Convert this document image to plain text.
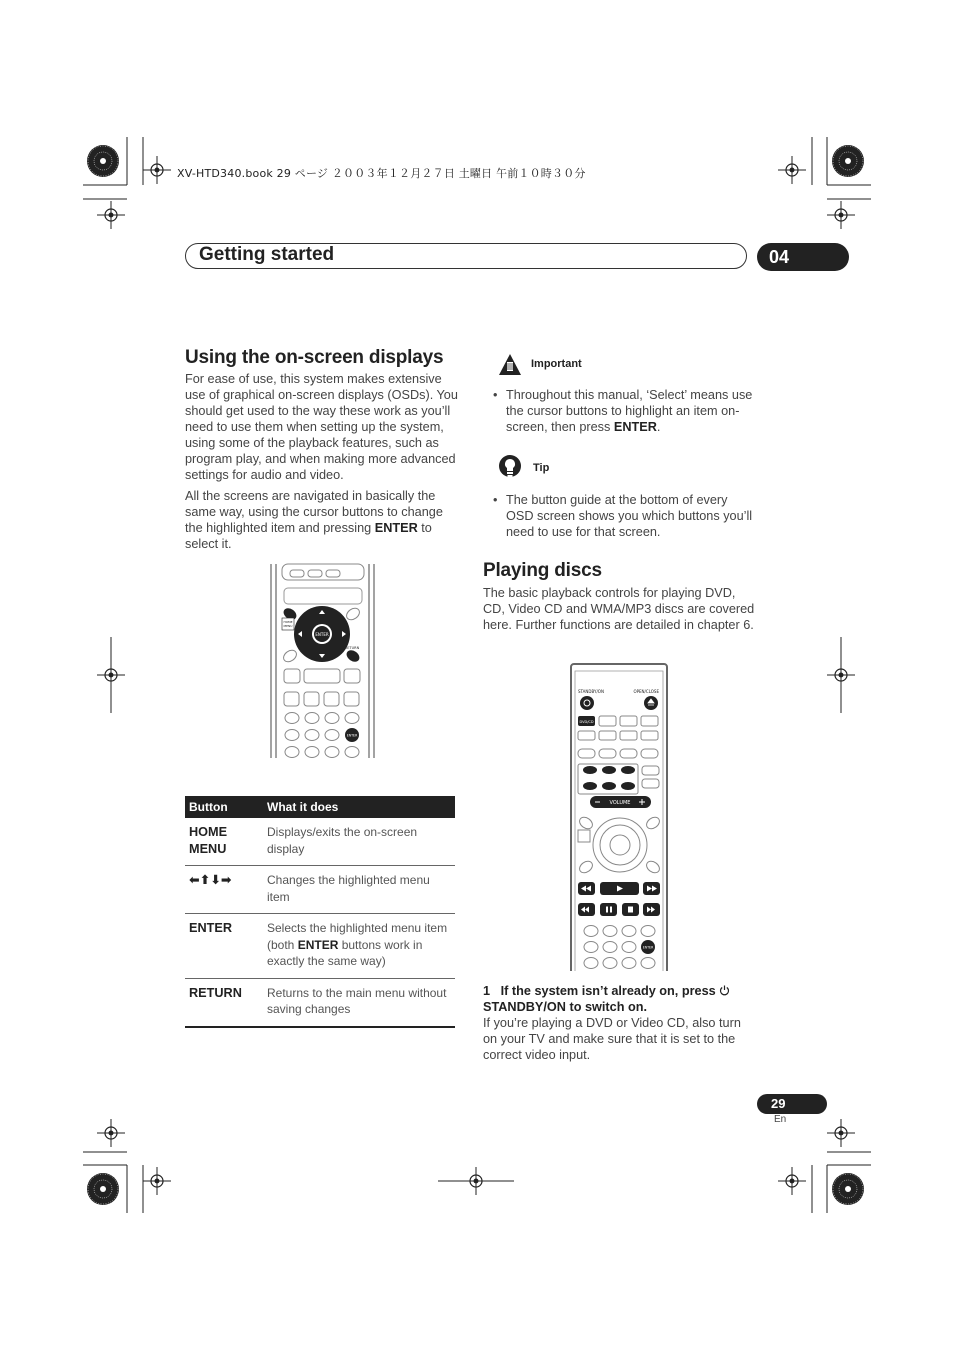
XV-HTD340.book 29 ページ ２００３年１２月２７日 土曜日 午前１０時３０分
Getting started	04
Using the on-screen displays

For ease of use, this system makes extensive use of graphical on-screen displays (OSDs). You should get used to the way these work as you’ll need to use them when setting up the system, using some of the playback features, such as program play, and when making more advanced settings for audio and video.

All the screens are navigated in basically the same way, using the cursor buttons to change the highlighted item and pressing ENTER to select it.

ENTER
HOME
MENU
RETURN
ENTER
Button	What it does
HOME MENU	Displays/exits the on-screen display
⬅⬆⬇➡	Changes the highlighted menu item
ENTER	Selects the highlighted menu item (both ENTER buttons work in exactly the same way)
RETURN	Returns to the main menu without saving changes
Important
• Throughout this manual, ‘Select’ means use the cursor buttons to highlight an item on-screen, then press ENTER.
Tip
• The button guide at the bottom of every OSD screen shows you which buttons you’ll need to use for that screen.
Playing discs

The basic playback controls for playing DVD, CD, Video CD and WMA/MP3 discs are covered here. Further functions are detailed in chapter 6.

STANDBY/ON	OPEN/CLOSE
DVD/CD
VOLUME
ENTER
1 If the system isn’t already on, press
STANDBY/ON to switch on.

If you’re playing a DVD or Video CD, also turn on your TV and make sure that it is set to the correct video input.

29
En
